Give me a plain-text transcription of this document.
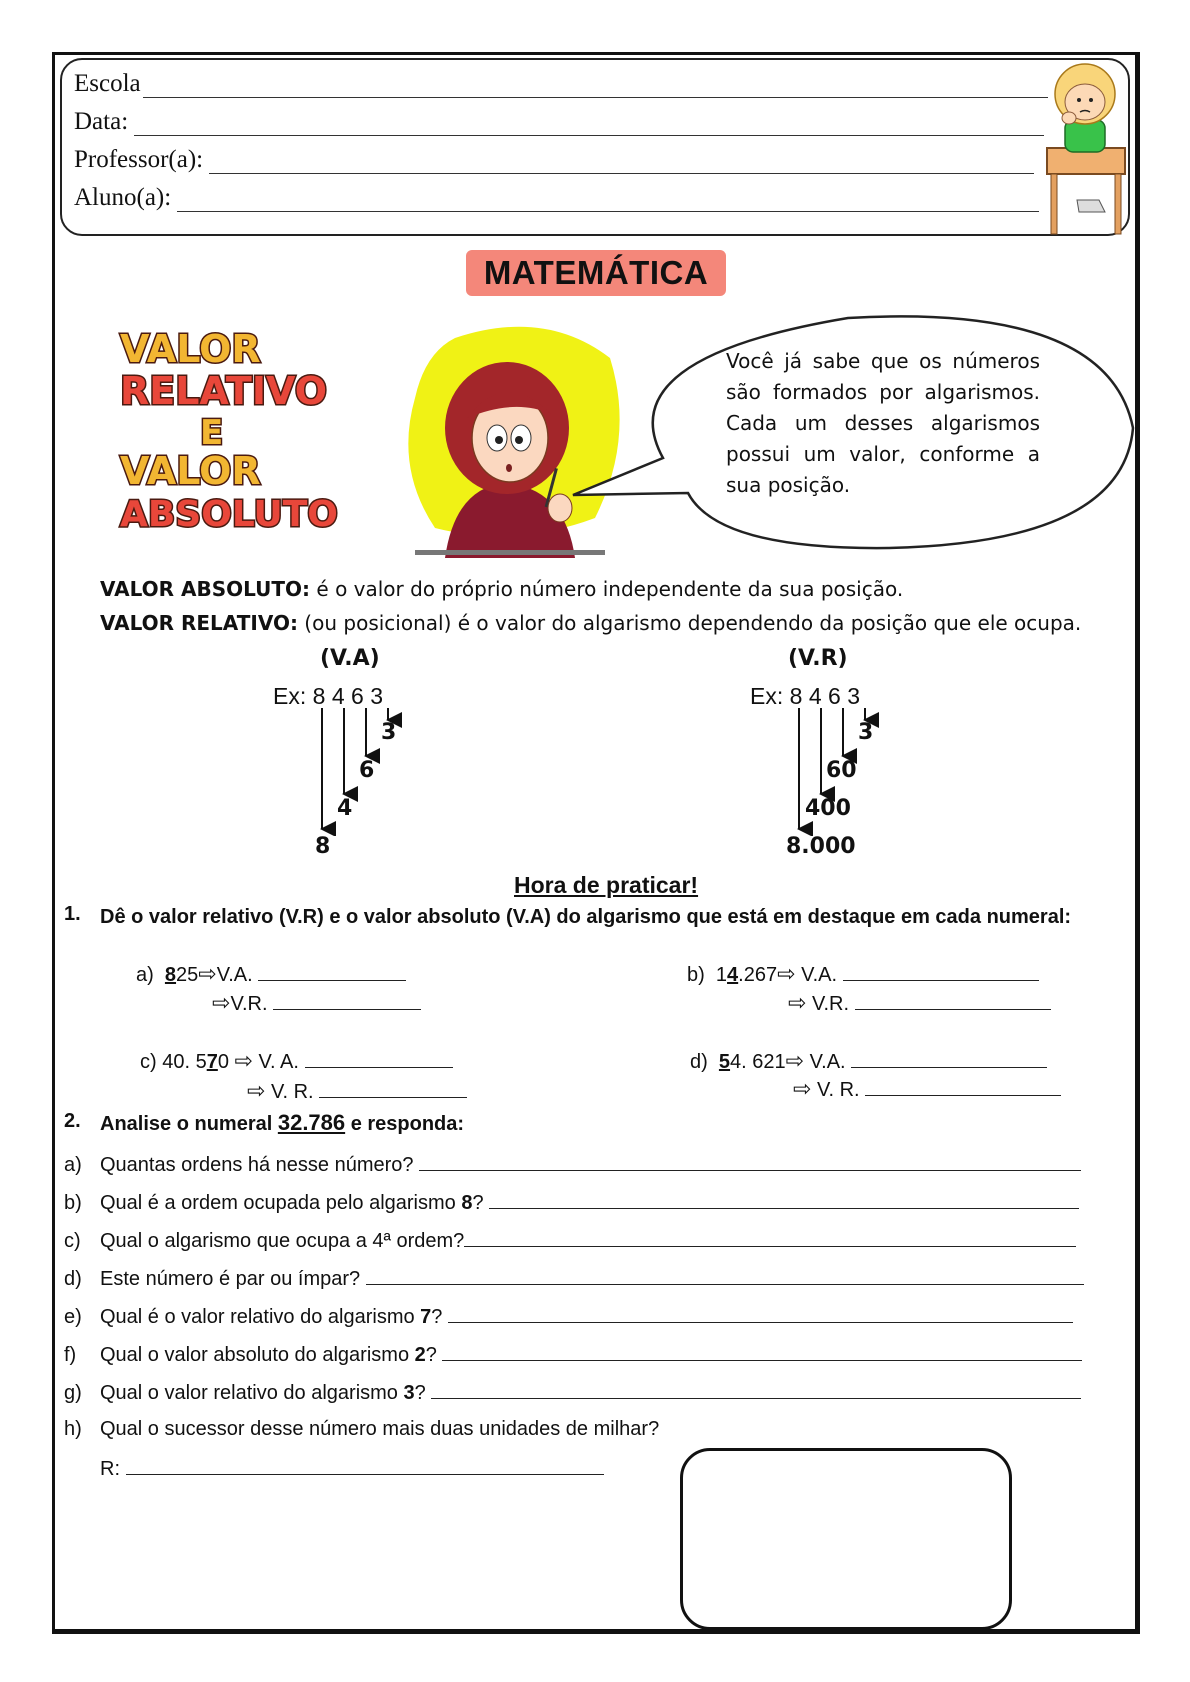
Escola
Data:
Professor(a):
Aluno(a):
MATEMÁTICA
VALOR
RELATIVO
E
VALOR
ABSOLUTO
Você já sabe que os números são formados por algarismos. Cada um desses algarismos possui um valor, conforme a sua posição.
VALOR ABSOLUTO: é o valor do próprio número independente da sua posição.
VALOR RELATIVO: (ou posicional) é o valor do algarismo dependendo da posição que ele ocupa.
(V.A)
Ex: 8 4 6 3
3
6
4
8
(V.R)
Ex: 8 4 6 3
3
60
400
8.000
Hora de praticar!
1. Dê o valor relativo (V.R) e o valor absoluto (V.A) do algarismo que está em destaque em cada numeral:
a) 825⇨V.A.
⇨V.R.
b) 14.267⇨ V.A.
⇨ V.R.
c) 40. 570 ⇨ V. A.
⇨ V. R.
d) 54. 621⇨ V.A.
⇨ V. R.
2. Analise o numeral 32.786 e responda:
a) Quantas ordens há nesse número?
b) Qual é a ordem ocupada pelo algarismo 8?
c) Qual o algarismo que ocupa a 4ª ordem?
d) Este número é par ou ímpar?
e) Qual é o valor relativo do algarismo 7?
f) Qual o valor absoluto do algarismo 2?
g) Qual o valor relativo do algarismo 3?
h) Qual o sucessor desse número mais duas unidades de milhar?
R:
